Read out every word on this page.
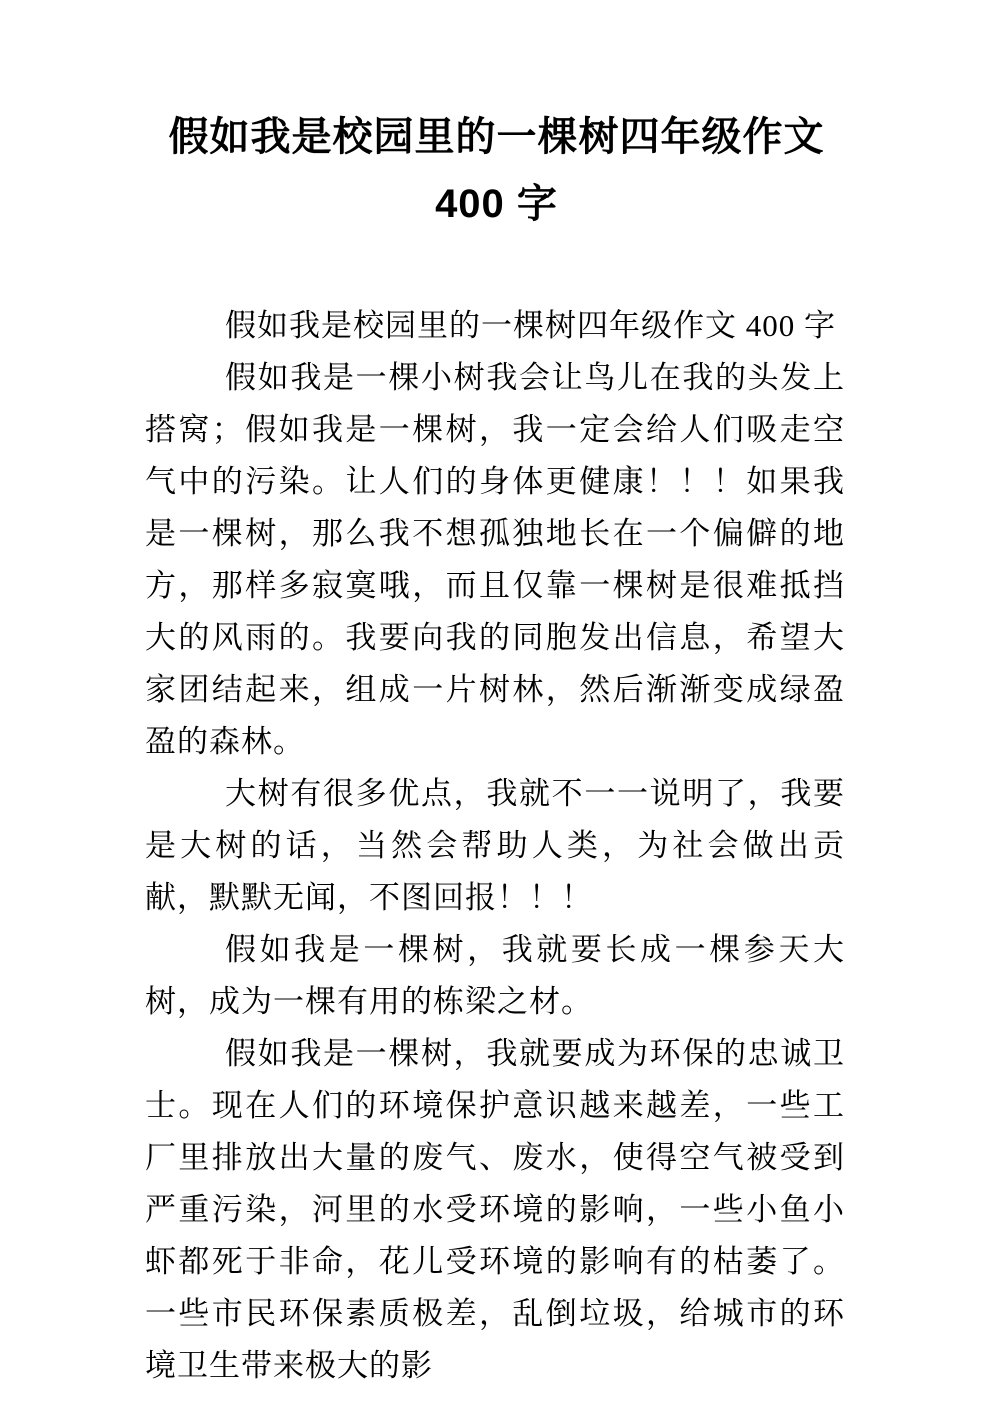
假如我是校园里的一棵树四年级作文
400 字

假如我是校园里的一棵树四年级作文 400 字

假如我是一棵小树我会让鸟儿在我的头发上搭窝；假如我是一棵树，我一定会给人们吸走空气中的污染。让人们的身体更健康！！！如果我是一棵树，那么我不想孤独地长在一个偏僻的地方，那样多寂寞哦，而且仅靠一棵树是很难抵挡大的风雨的。我要向我的同胞发出信息，希望大家团结起来，组成一片树林，然后渐渐变成绿盈盈的森林。

大树有很多优点，我就不一一说明了，我要是大树的话，当然会帮助人类，为社会做出贡献，默默无闻，不图回报！！！

假如我是一棵树，我就要长成一棵参天大树，成为一棵有用的栋梁之材。

假如我是一棵树，我就要成为环保的忠诚卫士。现在人们的环境保护意识越来越差，一些工厂里排放出大量的废气、废水，使得空气被受到严重污染，河里的水受环境的影响，一些小鱼小虾都死于非命，花儿受环境的影响有的枯萎了。一些市民环保素质极差，乱倒垃圾，给城市的环境卫生带来极大的影
